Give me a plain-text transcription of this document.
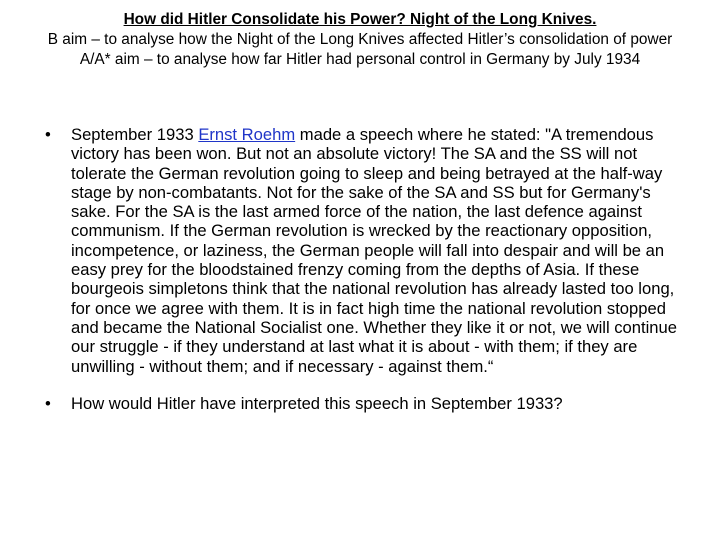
How did Hitler Consolidate his Power? Night of the Long Knives.
B aim – to analyse how the Night of the Long Knives affected Hitler’s consolidation of power
A/A* aim – to analyse how far Hitler had personal control in Germany by July 1934
• September 1933 Ernst Roehm made a speech where he stated: "A tremendous victory has been won. But not an absolute victory! The SA and the SS will not tolerate the German revolution going to sleep and being betrayed at the half-way stage by non-combatants. Not for the sake of the SA and SS but for Germany's sake. For the SA is the last armed force of the nation, the last defence against communism. If the German revolution is wrecked by the reactionary opposition, incompetence, or laziness, the German people will fall into despair and will be an easy prey for the bloodstained frenzy coming from the depths of Asia. If these bourgeois simpletons think that the national revolution has already lasted too long, for once we agree with them. It is in fact high time the national revolution stopped and became the National Socialist one. Whether they like it or not, we will continue our struggle - if they understand at last what it is about - with them; if they are unwilling - without them; and if necessary - against them.“
• How would Hitler have interpreted this speech in September 1933?
